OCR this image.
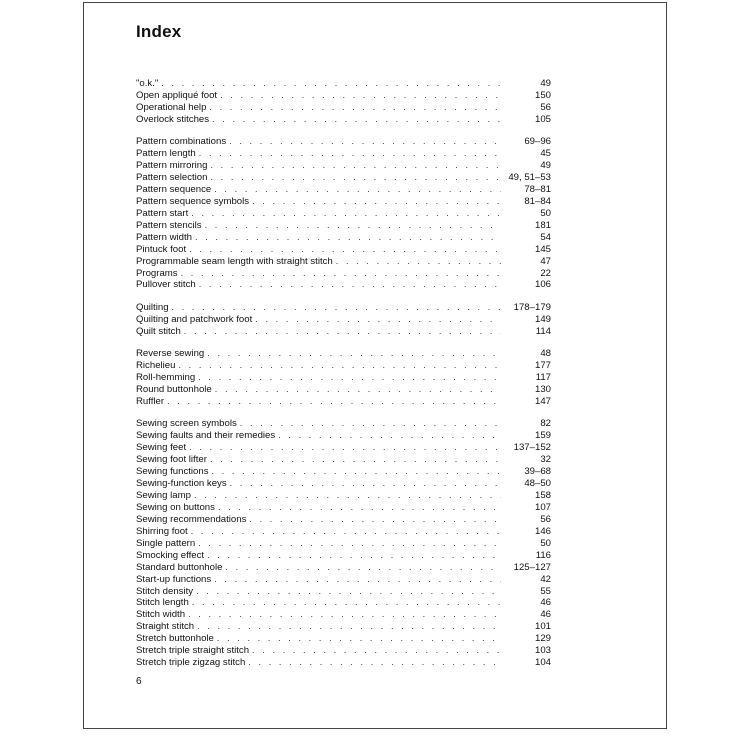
Index
"o.k." . . .	49
Open appliqué foot . . .	150
Operational help . . .	56
Overlock stitches . . .	105
Pattern combinations . . .	69–96
Pattern length . . .	45
Pattern mirroring . . .	49
Pattern selection . . .	49, 51–53
Pattern sequence . . .	78–81
Pattern sequence symbols . . .	81–84
Pattern start . . .	50
Pattern stencils . . .	181
Pattern width . . .	54
Pintuck foot . . .	145
Programmable seam length with straight stitch . . .	47
Programs . . .	22
Pullover stitch . . .	106
Quilting . . .	178–179
Quilting and patchwork foot . . .	149
Quilt stitch . . .	114
Reverse sewing . . .	48
Richelieu . . .	177
Roll-hemming . . .	117
Round buttonhole . . .	130
Ruffler . . .	147
Sewing screen symbols . . .	82
Sewing faults and their remedies . . .	159
Sewing feet . . .	137–152
Sewing foot lifter . . .	32
Sewing functions . . .	39–68
Sewing-function keys . . .	48–50
Sewing lamp . . .	158
Sewing on buttons . . .	107
Sewing recommendations . . .	56
Shirring foot . . .	146
Single pattern . . .	50
Smocking effect . . .	116
Standard buttonhole . . .	125–127
Start-up functions . . .	42
Stitch density . . .	55
Stitch length . . .	46
Stitch width . . .	46
Straight stitch . . .	101
Stretch buttonhole . . .	129
Stretch triple straight stitch . . .	103
Stretch triple zigzag stitch . . .	104
6
